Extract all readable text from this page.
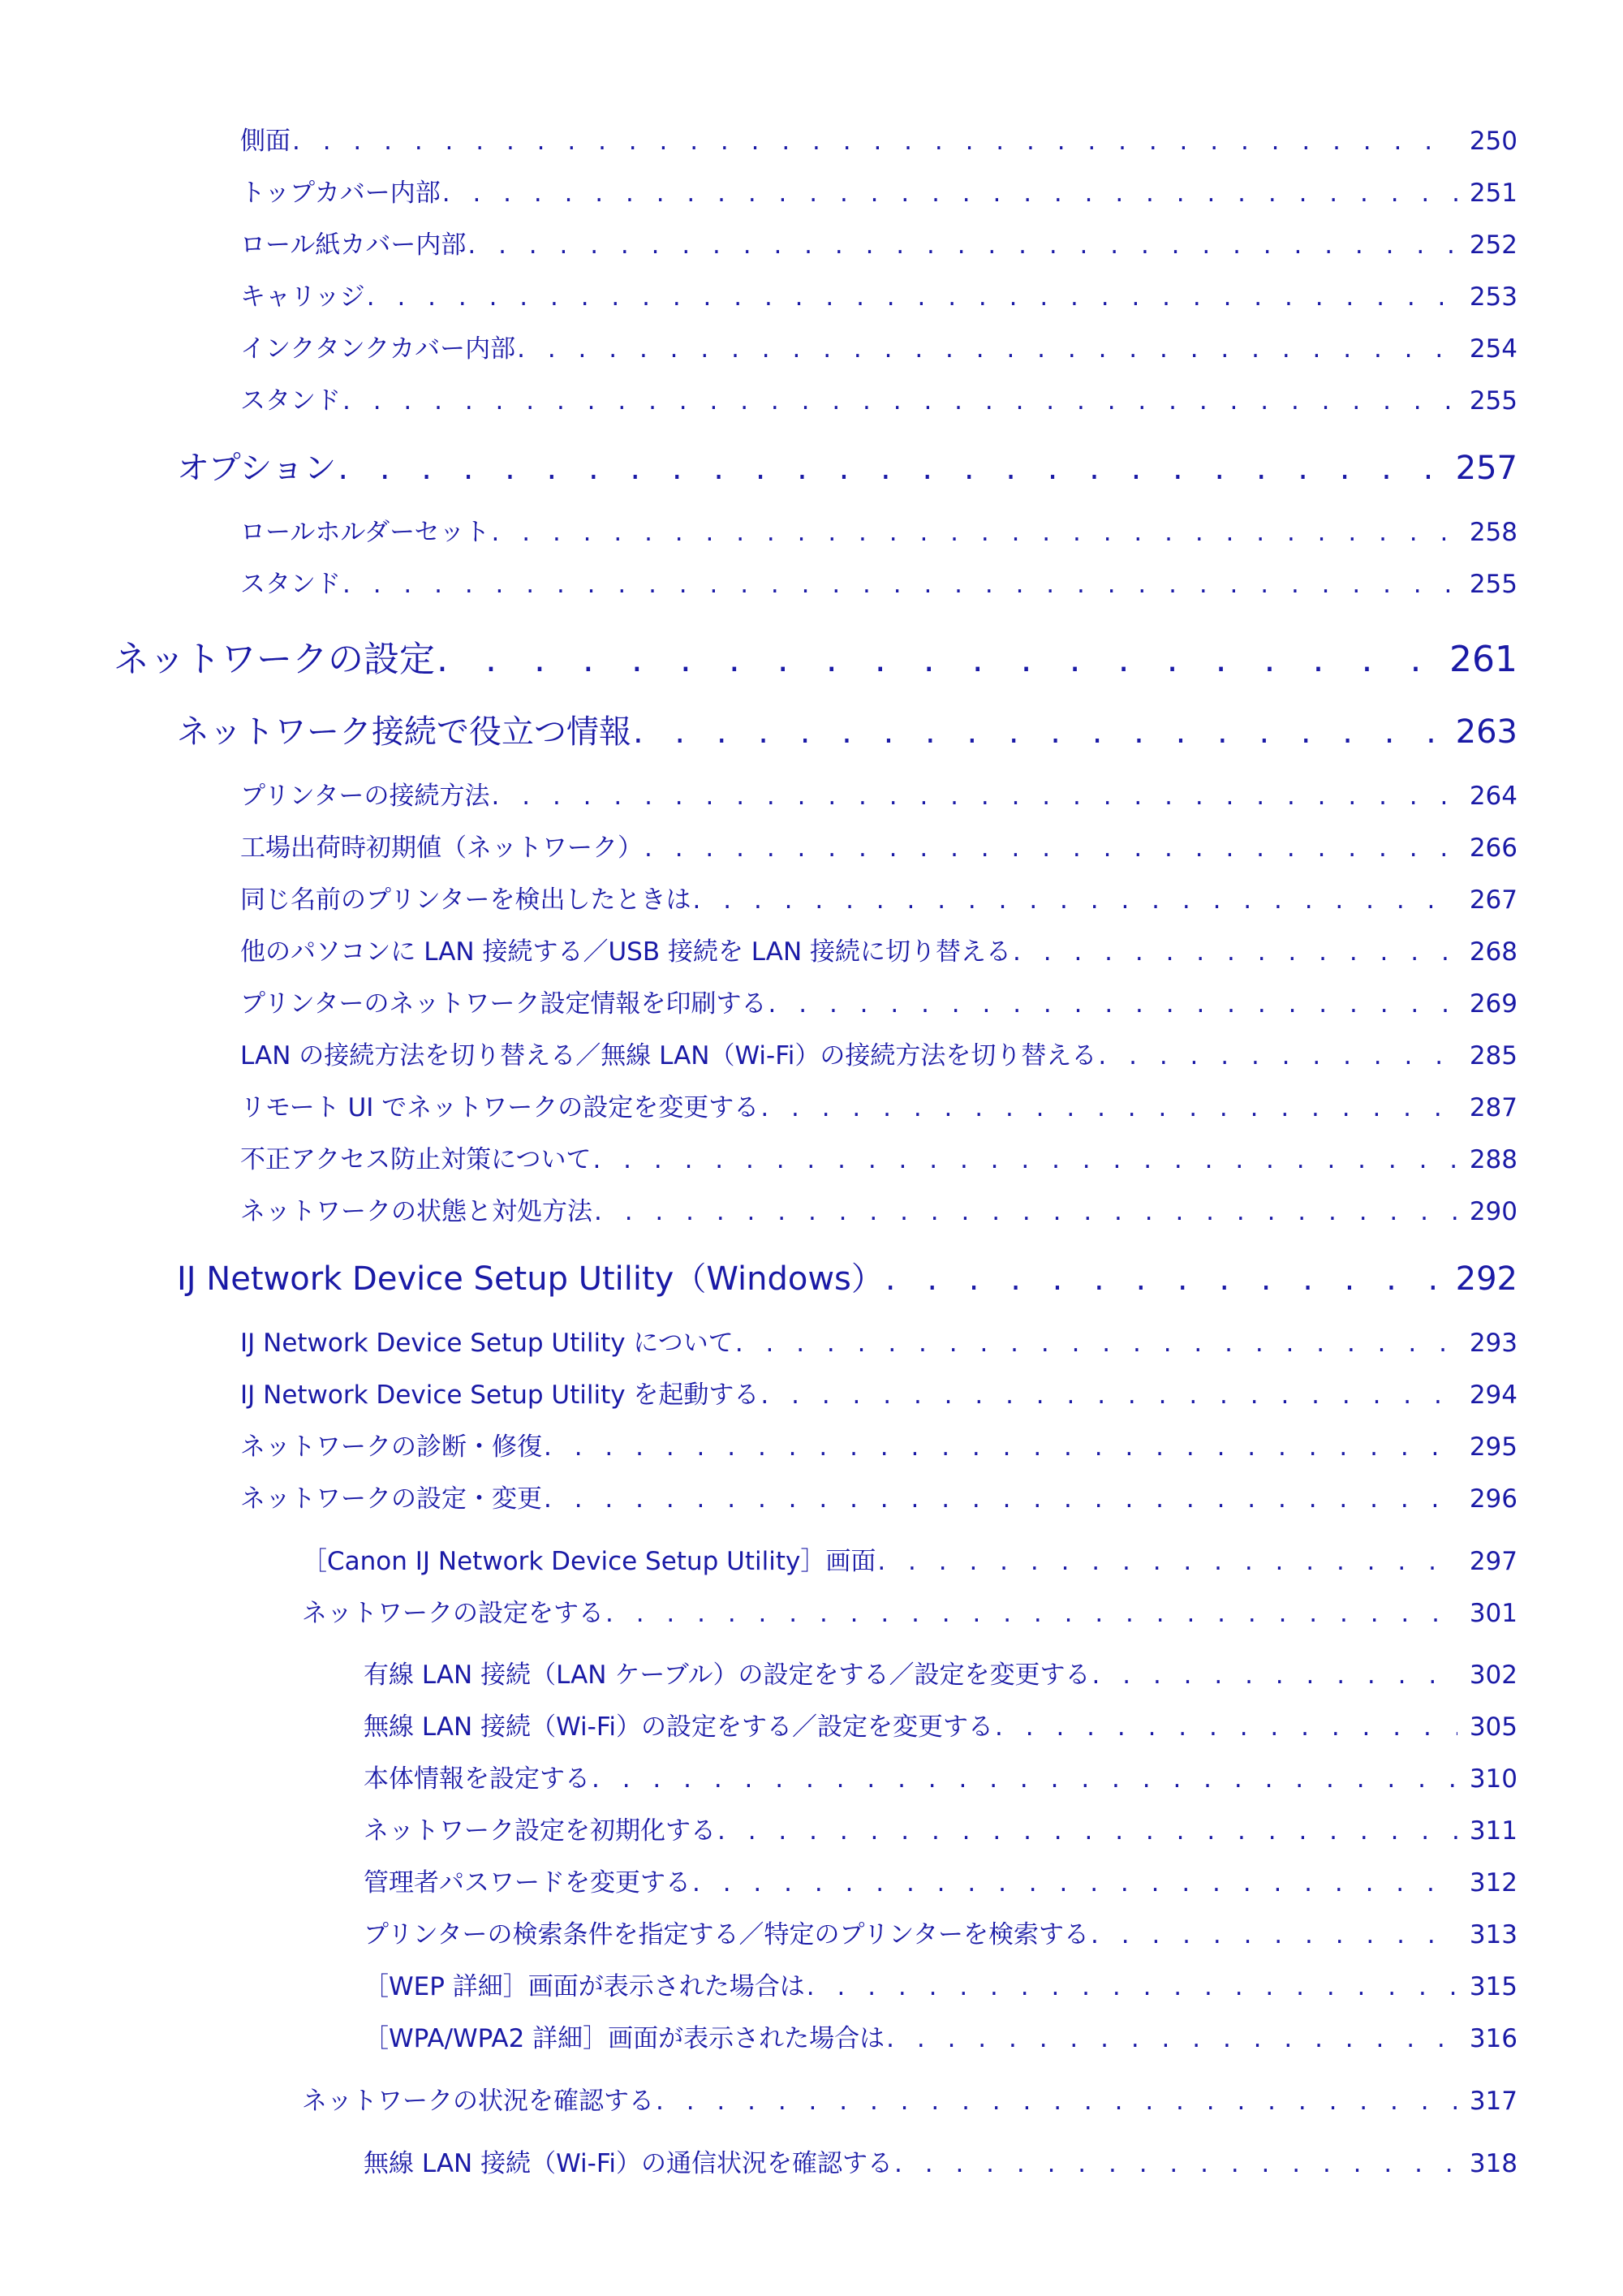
側面 . . .	250
トップカバー内部 . . .	251
ロール紙カバー内部 . . .	252
キャリッジ . . .	253
インクタンクカバー内部 . . .	254
スタンド . . .	255
オプション . . .	257
ロールホルダーセット . . .	258
スタンド . . .	255
ネットワークの設定 . . .	261
ネットワーク接続で役立つ情報 . . .	263
プリンターの接続方法 . . .	264
工場出荷時初期値（ネットワーク） . . .	266
同じ名前のプリンターを検出したときは . . .	267
他のパソコンに LAN 接続する／USB 接続を LAN 接続に切り替える . . .	268
プリンターのネットワーク設定情報を印刷する . . .	269
LAN の接続方法を切り替える／無線 LAN（Wi-Fi）の接続方法を切り替える . . .	285
リモート UI でネットワークの設定を変更する . . .	287
不正アクセス防止対策について . . .	288
ネットワークの状態と対処方法 . . .	290
IJ Network Device Setup Utility（Windows） . . .	292
IJ Network Device Setup Utility について . . .	293
IJ Network Device Setup Utility を起動する . . .	294
ネットワークの診断・修復 . . .	295
ネットワークの設定・変更 . . .	296
［Canon IJ Network Device Setup Utility］画面 . . .	297
ネットワークの設定をする . . .	301
有線 LAN 接続（LAN ケーブル）の設定をする／設定を変更する . . .	302
無線 LAN 接続（Wi-Fi）の設定をする／設定を変更する . . .	305
本体情報を設定する . . .	310
ネットワーク設定を初期化する . . .	311
管理者パスワードを変更する . . .	312
プリンターの検索条件を指定する／特定のプリンターを検索する . . .	313
［WEP 詳細］画面が表示された場合は . . .	315
［WPA/WPA2 詳細］画面が表示された場合は . . .	316
ネットワークの状況を確認する . . .	317
無線 LAN 接続（Wi-Fi）の通信状況を確認する . . .	318
